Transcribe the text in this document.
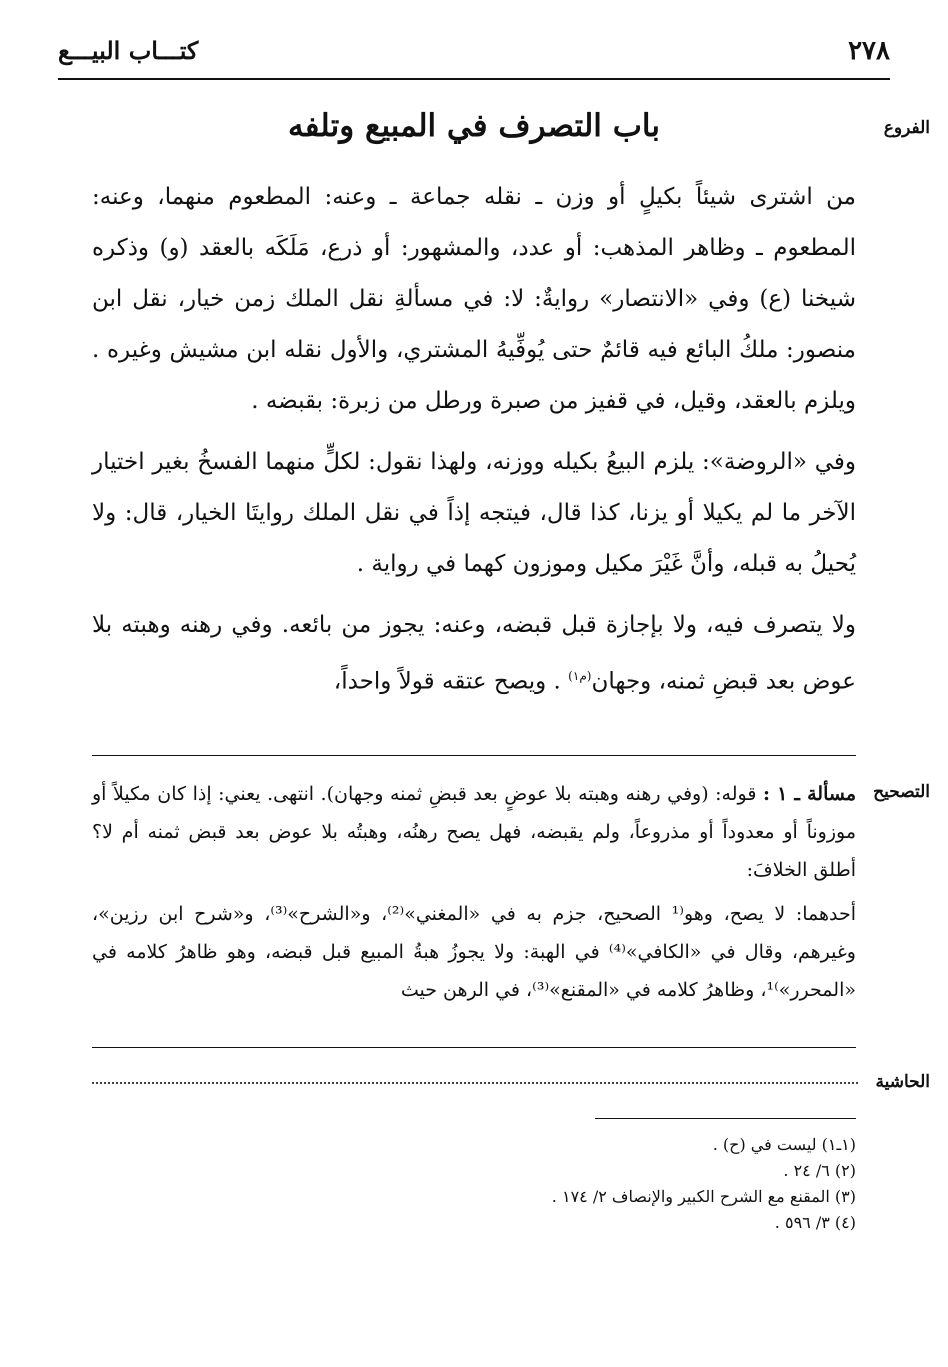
٢٧٨
كتـــاب البيـــع
الفروع
باب التصرف في المبيع وتلفه

من اشترى شيئاً بكيلٍ أو وزن ـ نقله جماعة ـ وعنه: المطعوم منهما، وعنه: المطعوم ـ وظاهر المذهب: أو عدد، والمشهور: أو ذرع، مَلَكَه بالعقد (و) وذكره شيخنا (ع) وفي «الانتصار» روايةٌ: لا: في مسألةِ نقل الملك زمن خيار، نقل ابن منصور: ملكُ البائع فيه قائمٌ حتى يُوفِّيهُ المشتري، والأول نقله ابن مشيش وغيره . ويلزم بالعقد، وقيل، في قفيز من صبرة ورطل من زبرة: بقبضه .

وفي «الروضة»: يلزم البيعُ بكيله ووزنه، ولهذا نقول: لكلٍّ منهما الفسخُ بغير اختيار الآخر ما لم يكيلا أو يزنا، كذا قال، فيتجه إذاً في نقل الملك روايتَا الخيار، قال: ولا يُحيلُ به قبله، وأنَّ غَيْرَ مكيل وموزون كهما في رواية .

ولا يتصرف فيه، ولا بإجازة قبل قبضه، وعنه: يجوز من بائعه. وفي رهنه وهبته بلا عوض بعد قبضِ ثمنه، وجهان$^{(م١)}$ . ويصح عتقه قولاً واحداً،

التصحيح

مسألة ـ ١ : قوله: (وفي رهنه وهبته بلا عوضٍ بعد قبضِ ثمنه وجهان). انتهى. يعني: إذا كان مكيلاً أو موزوناً أو معدوداً أو مذروعاً، ولم يقبضه، فهل يصح رهنُه، وهبتُه بلا عوض بعد قبض ثمنه أم لا؟ أطلق الخلافَ:

أحدهما: لا يصح، وهو⁽¹ الصحيح، جزم به في «المغني»⁽²⁾، و«الشرح»⁽³⁾، و«شرح ابن رزين»، وغيرهم، وقال في «الكافي»⁽⁴⁾ في الهبة: ولا يجوزُ هبةُ المبيع قبل قبضه، وهو ظاهرُ كلامه في «المحرر»⁾¹، وظاهرُ كلامه في «المقنع»⁽³⁾، في الرهن حيث

الحاشية

(١ـ١) ليست في (ح) .

(٢) ٦/ ٢٤ .

(٣) المقنع مع الشرح الكبير والإنصاف ٢/ ١٧٤ .

(٤) ٣/ ٥٩٦ .
